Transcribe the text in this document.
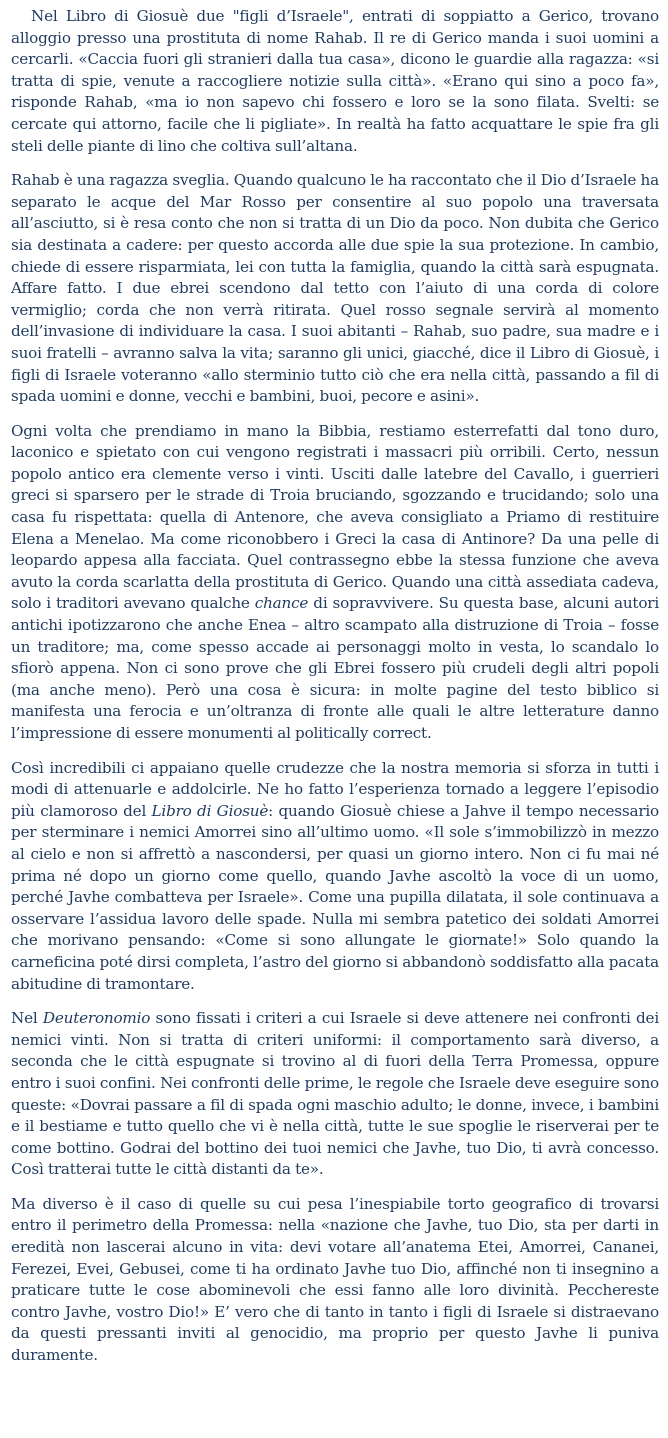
Nel Libro di Giosuè due "figli d’Israele", entrati di soppiatto a Gerico, trovano alloggio presso una prostituta di nome Rahab. Il re di Gerico manda i suoi uomini a cercarli. «Caccia fuori gli stranieri dalla tua casa», dicono le guardie alla ragazza: «si tratta di spie, venute a raccogliere notizie sulla città». «Erano qui sino a poco fa», risponde Rahab, «ma io non sapevo chi fossero e loro se la sono filata. Svelti: se cercate qui attorno, facile che li pigliate». In realtà ha fatto acquattare le spie fra gli steli delle piante di lino che coltiva sull’altana.

Rahab è una ragazza sveglia. Quando qualcuno le ha raccontato che il Dio d’Israele ha separato le acque del Mar Rosso per consentire al suo popolo una traversata all’asciutto, si è resa conto che non si tratta di un Dio da poco. Non dubita che Gerico sia destinata a cadere: per questo accorda alle due spie la sua protezione. In cambio, chiede di essere risparmiata, lei con tutta la famiglia, quando la città sarà espugnata. Affare fatto. I due ebrei scendono dal tetto con l’aiuto di una corda di colore vermiglio; corda che non verrà ritirata. Quel rosso segnale servirà al momento dell’invasione di individuare la casa. I suoi abitanti – Rahab, suo padre, sua madre e i suoi fratelli – avranno salva la vita; saranno gli unici, giacché, dice il Libro di Giosuè, i figli di Israele voteranno «allo sterminio tutto ciò che era nella città, passando a fil di spada uomini e donne, vecchi e bambini, buoi, pecore e asini».

Ogni volta che prendiamo in mano la Bibbia, restiamo esterrefatti dal tono duro, laconico e spietato con cui vengono registrati i massacri più orribili. Certo, nessun popolo antico era clemente verso i vinti. Usciti dalle latebre del Cavallo, i guerrieri greci si sparsero per le strade di Troia bruciando, sgozzando e trucidando; solo una casa fu rispettata: quella di Antenore, che aveva consigliato a Priamo di restituire Elena a Menelao. Ma come riconobbero i Greci la casa di Antinore? Da una pelle di leopardo appesa alla facciata. Quel contrassegno ebbe la stessa funzione che aveva avuto la corda scarlatta della prostituta di Gerico. Quando una città assediata cadeva, solo i traditori avevano qualche chance di sopravvivere. Su questa base, alcuni autori antichi ipotizzarono che anche Enea – altro scampato alla distruzione di Troia – fosse un traditore; ma, come spesso accade ai personaggi molto in vesta, lo scandalo lo sfiorò appena. Non ci sono prove che gli Ebrei fossero più crudeli degli altri popoli (ma anche meno). Però una cosa è sicura: in molte pagine del testo biblico si manifesta una ferocia e un’oltranza di fronte alle quali le altre letterature danno l’impressione di essere monumenti al politically correct.

Così incredibili ci appaiano quelle crudezze che la nostra memoria si sforza in tutti i modi di attenuarle e addolcirle. Ne ho fatto l’esperienza tornado a leggere l’episodio più clamoroso del Libro di Giosuè: quando Giosuè chiese a Jahve il tempo necessario per sterminare i nemici Amorrei sino all’ultimo uomo. «Il sole s’immobilizzò in mezzo al cielo e non si affrettò a nascondersi, per quasi un giorno intero. Non ci fu mai né prima né dopo un giorno come quello, quando Javhe ascoltò la voce di un uomo, perché Javhe combatteva per Israele». Come una pupilla dilatata, il sole continuava a osservare l’assidua lavoro delle spade. Nulla mi sembra patetico dei soldati Amorrei che morivano pensando: «Come si sono allungate le giornate!» Solo quando la carneficina poté dirsi completa, l’astro del giorno si abbandonò soddisfatto alla pacata abitudine di tramontare.

Nel Deuteronomio sono fissati i criteri a cui Israele si deve attenere nei confronti dei nemici vinti. Non si tratta di criteri uniformi: il comportamento sarà diverso, a seconda che le città espugnate si trovino al di fuori della Terra Promessa, oppure entro i suoi confini. Nei confronti delle prime, le regole che Israele deve eseguire sono queste: «Dovrai passare a fil di spada ogni maschio adulto; le donne, invece, i bambini e il bestiame e tutto quello che vi è nella città, tutte le sue spoglie le riserverai per te come bottino. Godrai del bottino dei tuoi nemici che Javhe, tuo Dio, ti avrà concesso. Così tratterai tutte le città distanti da te».

Ma diverso è il caso di quelle su cui pesa l’inespiabile torto geografico di trovarsi entro il perimetro della Promessa: nella «nazione che Javhe, tuo Dio, sta per darti in eredità non lascerai alcuno in vita: devi votare all’anatema Etei, Amorrei, Cananei, Ferezei, Evei, Gebusei, come ti ha ordinato Javhe tuo Dio, affinché non ti insegnino a praticare tutte le cose abominevoli che essi fanno alle loro divinità. Pecchereste contro Javhe, vostro Dio!» E’ vero che di tanto in tanto i figli di Israele si distraevano da questi pressanti inviti al genocidio, ma proprio per questo Javhe li puniva duramente.
